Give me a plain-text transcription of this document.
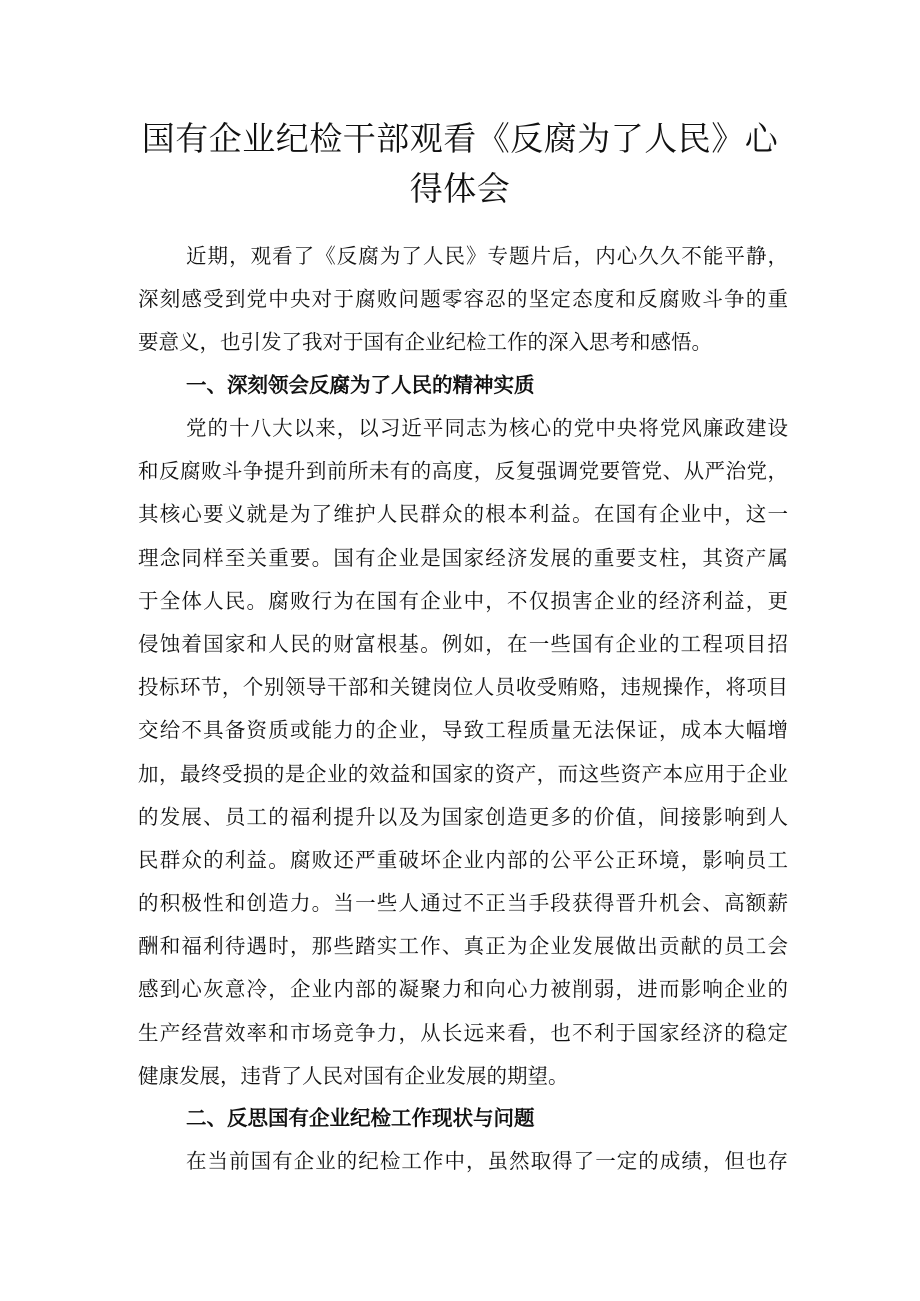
国有企业纪检干部观看《反腐为了人民》心
得体会
近期，观看了《反腐为了人民》专题片后，内心久久不能平静，
深刻感受到党中央对于腐败问题零容忍的坚定态度和反腐败斗争的重
要意义，也引发了我对于国有企业纪检工作的深入思考和感悟。
一、深刻领会反腐为了人民的精神实质
党的十八大以来，以习近平同志为核心的党中央将党风廉政建设
和反腐败斗争提升到前所未有的高度，反复强调党要管党、从严治党，
其核心要义就是为了维护人民群众的根本利益。在国有企业中，这一
理念同样至关重要。国有企业是国家经济发展的重要支柱，其资产属
于全体人民。腐败行为在国有企业中，不仅损害企业的经济利益，更
侵蚀着国家和人民的财富根基。例如，在一些国有企业的工程项目招
投标环节，个别领导干部和关键岗位人员收受贿赂，违规操作，将项目
交给不具备资质或能力的企业，导致工程质量无法保证，成本大幅增
加，最终受损的是企业的效益和国家的资产，而这些资产本应用于企业
的发展、员工的福利提升以及为国家创造更多的价值，间接影响到人
民群众的利益。腐败还严重破坏企业内部的公平公正环境，影响员工
的积极性和创造力。当一些人通过不正当手段获得晋升机会、高额薪
酬和福利待遇时，那些踏实工作、真正为企业发展做出贡献的员工会
感到心灰意冷，企业内部的凝聚力和向心力被削弱，进而影响企业的
生产经营效率和市场竞争力，从长远来看，也不利于国家经济的稳定
健康发展，违背了人民对国有企业发展的期望。
二、反思国有企业纪检工作现状与问题
在当前国有企业的纪检工作中，虽然取得了一定的成绩，但也存
